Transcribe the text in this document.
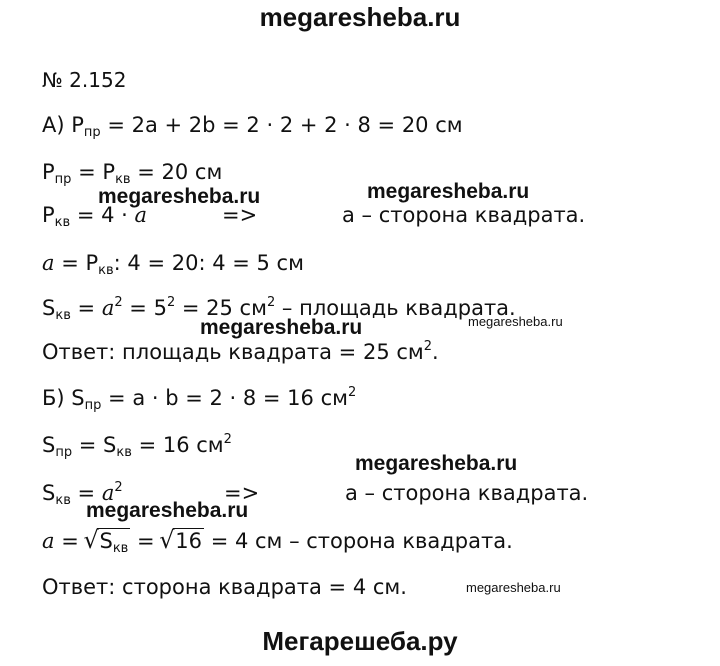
megaresheba.ru
№ 2.152
А) $P_{пр} = 2a + 2b = 2 \cdot 2 + 2 \cdot 8 = 20$ см
$P_{пр} = P_{кв} = 20$ см
$P_{кв} = 4 \cdot a$	=>	а – сторона квадрата.
$a = P_{кв}$: 4 = 20: 4 = 5 см
$S_{кв} = a^2 = 5^2 = 25$ $см^2$ – площадь квадрата.
Ответ: площадь квадрата = 25 $см^2$.
Б) $S_{пр} = a \cdot b = 2 \cdot 8 = 16$ $см^2$
$S_{пр} = S_{кв} = 16$ $см^2$
$S_{кв} = a^2$	=>	а – сторона квадрата.
a = √ $S_{кв}$ = √ 16 = 4 см – сторона квадрата.
Ответ: сторона квадрата = 4 см.
megaresheba.ru	megaresheba.ru
megaresheba.ru	megaresheba.ru
megaresheba.ru
megaresheba.ru
megaresheba.ru
Мегарешеба.ру
